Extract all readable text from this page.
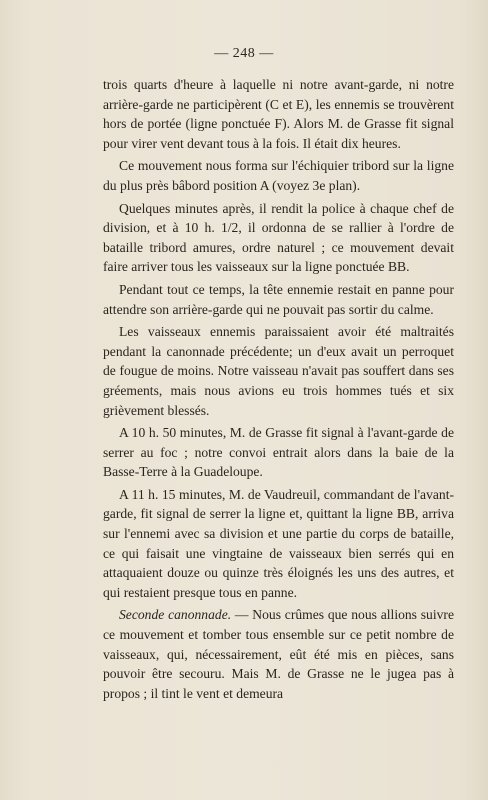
— 248 —

trois quarts d'heure à laquelle ni notre avant-garde, ni notre arrière-garde ne participèrent (C et E), les ennemis se trouvèrent hors de portée (ligne ponctuée F). Alors M. de Grasse fit signal pour virer vent devant tous à la fois. Il était dix heures.

Ce mouvement nous forma sur l'échiquier tribord sur la ligne du plus près bâbord position A (voyez 3e plan).

Quelques minutes après, il rendit la police à chaque chef de division, et à 10 h. 1/2, il ordonna de se rallier à l'ordre de bataille tribord amures, ordre naturel ; ce mouvement devait faire arriver tous les vaisseaux sur la ligne ponctuée BB.

Pendant tout ce temps, la tête ennemie restait en panne pour attendre son arrière-garde qui ne pouvait pas sortir du calme.

Les vaisseaux ennemis paraissaient avoir été maltraités pendant la canonnade précédente; un d'eux avait un perroquet de fougue de moins. Notre vaisseau n'avait pas souffert dans ses gréements, mais nous avions eu trois hommes tués et six grièvement blessés.

A 10 h. 50 minutes, M. de Grasse fit signal à l'avant-garde de serrer au foc ; notre convoi entrait alors dans la baie de la Basse-Terre à la Guadeloupe.

A 11 h. 15 minutes, M. de Vaudreuil, commandant de l'avant-garde, fit signal de serrer la ligne et, quittant la ligne BB, arriva sur l'ennemi avec sa division et une partie du corps de bataille, ce qui faisait une vingtaine de vaisseaux bien serrés qui en attaquaient douze ou quinze très éloignés les uns des autres, et qui restaient presque tous en panne.

Seconde canonnade. — Nous crûmes que nous allions suivre ce mouvement et tomber tous ensemble sur ce petit nombre de vaisseaux, qui, nécessairement, eût été mis en pièces, sans pouvoir être secouru. Mais M. de Grasse ne le jugea pas à propos ; il tint le vent et demeura
